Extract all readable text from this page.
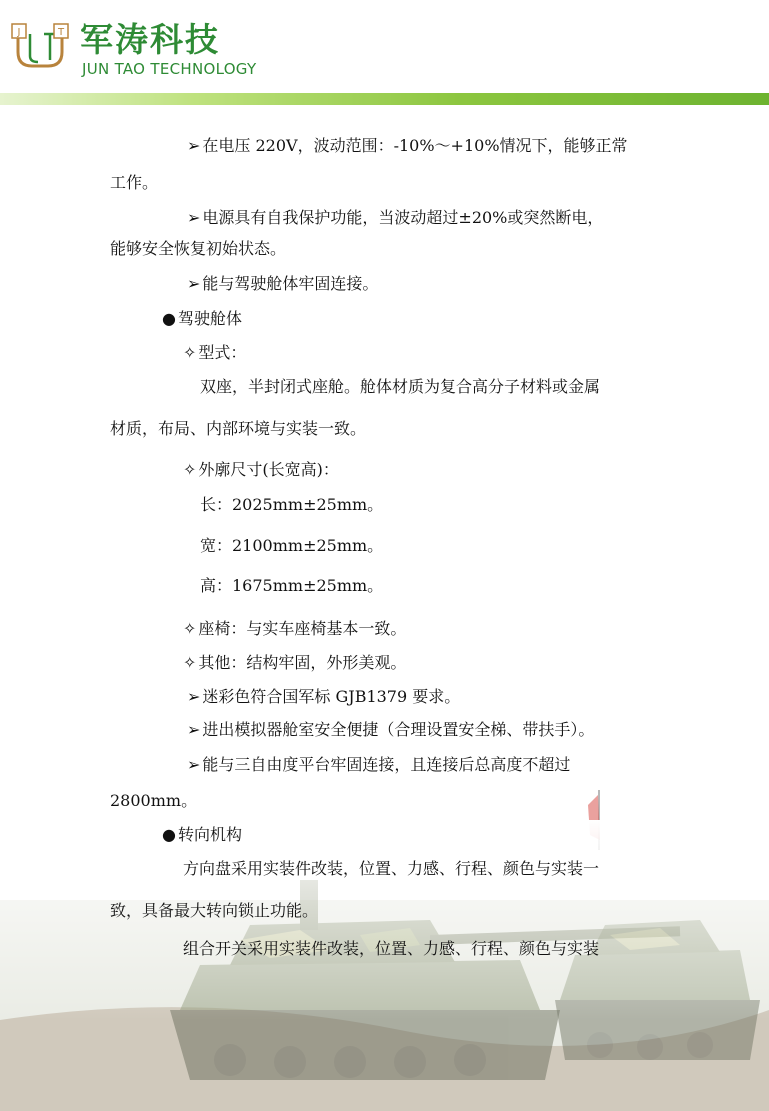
J	T 军涛科技
JUN TAO TECHNOLOGY
➢ 在电压 220V，波动范围：-10%～+10%情况下，能够正常
工作。
➢ 电源具有自我保护功能，当波动超过±20%或突然断电，
能够安全恢复初始状态。
➢ 能与驾驶舱体牢固连接。
● 驾驶舱体
✧ 型式：
双座，半封闭式座舱。舱体材质为复合高分子材料或金属
材质，布局、内部环境与实装一致。
✧ 外廓尺寸(长宽高)：
长：2025mm±25mm。
宽：2100mm±25mm。
高：1675mm±25mm。
✧ 座椅：与实车座椅基本一致。
✧ 其他：结构牢固，外形美观。
➢ 迷彩色符合国军标 GJB1379 要求。
➢ 进出模拟器舱室安全便捷（合理设置安全梯、带扶手）。
➢ 能与三自由度平台牢固连接，且连接后总高度不超过
2800mm。
● 转向机构
方向盘采用实装件改装，位置、力感、行程、颜色与实装一
致，具备最大转向锁止功能。
组合开关采用实装件改装，位置、力感、行程、颜色与实装
